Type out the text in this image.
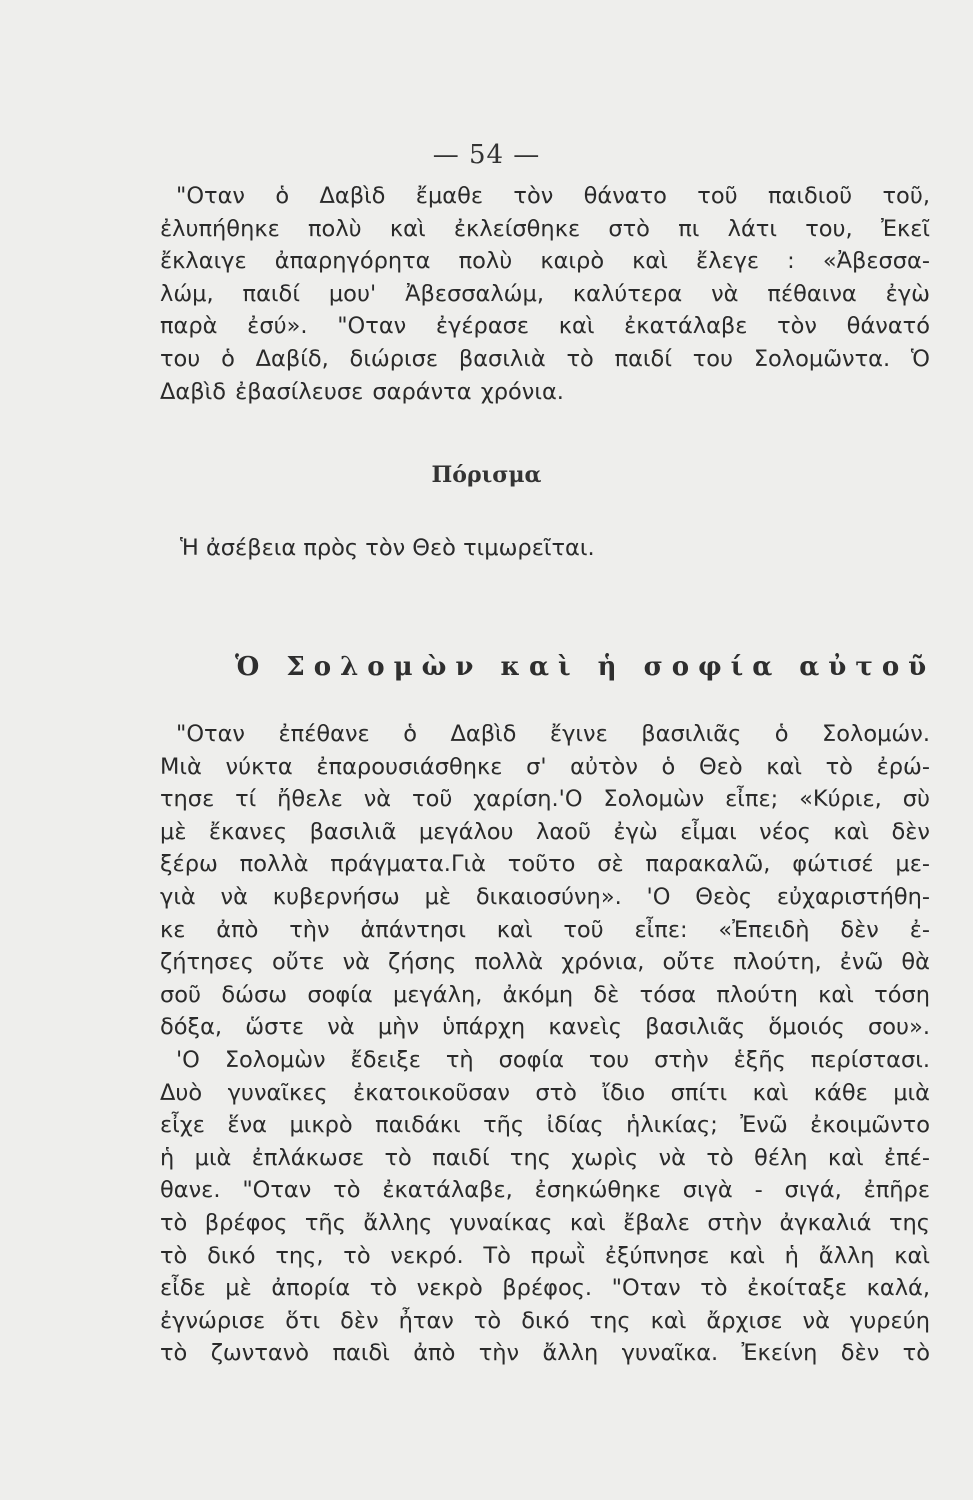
— 54 —
"Οταν ὁ Δαβὶδ ἔμαθε τὸν θάνατο τοῦ παιδιοῦ τοῦ,
ἐλυπήθηκε πολὺ καὶ ἐκλείσθηκε στὸ πι λάτι του, Ἐκεῖ
ἔκλαιγε ἀπαρηγόρητα πολὺ καιρὸ καὶ ἔλεγε : «Ἀβεσσα-
λώμ, παιδί μου' Ἀβεσσαλώμ, καλύτερα νὰ πέθαινα ἐγὼ
παρὰ ἐσύ». "Οταν ἐγέρασε καὶ ἐκατάλαβε τὸν θάνατό
του ὁ Δαβίδ, διώρισε βασιλιὰ τὸ παιδί του Σολομῶντα. Ὁ
Δαβὶδ ἐβασίλευσε σαράντα χρόνια.
Πόρισμα
Ἡ ἀσέβεια πρὸς τὸν Θεὸ τιμωρεῖται.
Ὁ Σολομὼν καὶ ἡ σοφία αὐτοῦ
"Οταν ἐπέθανε ὁ Δαβὶδ ἔγινε βασιλιᾶς ὁ Σολομών.
Μιὰ νύκτα ἐπαρουσιάσθηκε σ' αὐτὸν ὁ Θεὸ καὶ τὸ ἐρώ-
τησε τί ἤθελε νὰ τοῦ χαρίση.'Ο Σολομὼν εἶπε; «Κύριε, σὺ
μὲ ἔκανες βασιλιᾶ μεγάλου λαοῦ ἐγὼ εἶμαι νέος καὶ δὲν
ξέρω πολλὰ πράγματα.Γιὰ τοῦτο σὲ παρακαλῶ, φώτισέ με-
γιὰ νὰ κυβερνήσω μὲ δικαιοσύνη». 'Ο Θεὸς εὐχαριστήθη-
κε ἀπὸ τὴν ἀπάντησι καὶ τοῦ εἶπε: «Ἐπειδὴ δὲν ἐ-
ζήτησες οὔτε νὰ ζήσης πολλὰ χρόνια, οὔτε πλούτη, ἐνῶ θὰ
σοῦ δώσω σοφία μεγάλη, ἀκόμη δὲ τόσα πλούτη καὶ τόση
δόξα, ὥστε νὰ μὴν ὑπάρχη κανεὶς βασιλιᾶς ὅμοιός σου».
'Ο Σολομὼν ἔδειξε τὴ σοφία του στὴν ἑξῆς περίστασι.
Δυὸ γυναῖκες ἐκατοικοῦσαν στὸ ἴδιο σπίτι καὶ κάθε μιὰ
εἶχε ἕνα μικρὸ παιδάκι τῆς ἰδίας ἡλικίας; Ἐνῶ ἐκοιμῶντο
ἡ μιὰ ἐπλάκωσε τὸ παιδί της χωρὶς νὰ τὸ θέλη καὶ ἐπέ-
θανε. "Οταν τὸ ἐκατάλαβε, ἐσηκώθηκε σιγὰ - σιγά, ἐπῆρε
τὸ βρέφος τῆς ἄλλης γυναίκας καὶ ἔβαλε στὴν ἀγκαλιά της
τὸ δικό της, τὸ νεκρό. Τὸ πρωῒ ἐξύπνησε καὶ ἡ ἄλλη καὶ
εἶδε μὲ ἀπορία τὸ νεκρὸ βρέφος. "Οταν τὸ ἐκοίταξε καλά,
ἐγνώρισε ὅτι δὲν ἦταν τὸ δικό της καὶ ἄρχισε νὰ γυρεύη
τὸ ζωντανὸ παιδὶ ἀπὸ τὴν ἄλλη γυναῖκα. Ἐκείνη δὲν τὸ
